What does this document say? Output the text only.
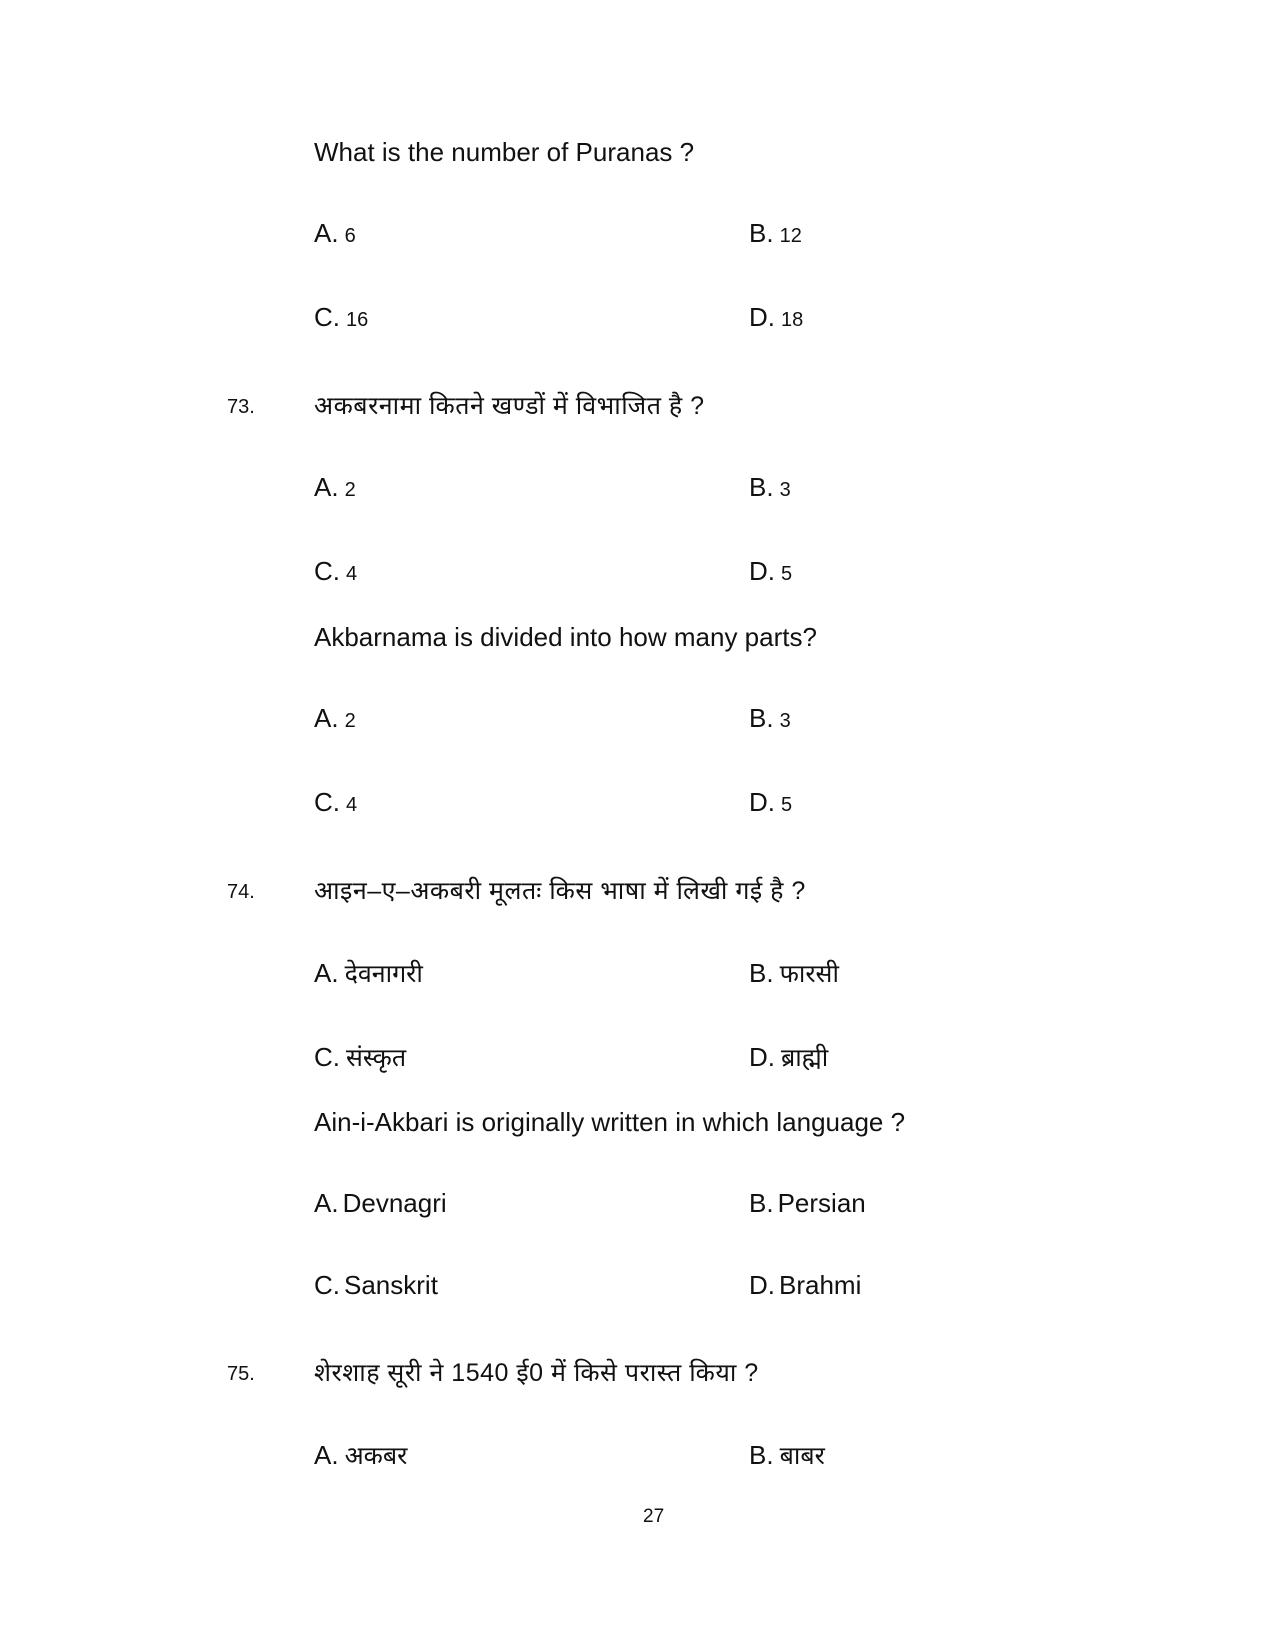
What is the number of Puranas ?
A. 6	B. 12
C. 16	D. 18
73. अकबरनामा कितने खण्डों में विभाजित है ?
A. 2	B. 3
C. 4	D. 5
Akbarnama is divided into how many parts?
A. 2	B. 3
C. 4	D. 5
74. आइन–ए–अकबरी मूलतः किस भाषा में लिखी गई है ?
A. देवनागरी	B. फारसी
C. संस्कृत	D. ब्राह्मी
Ain-i-Akbari is originally written in which language ?
A. Devnagri	B. Persian
C. Sanskrit	D. Brahmi
75. शेरशाह सूरी ने 1540 ई0 में किसे परास्त किया ?
A. अकबर	B. बाबर
27
